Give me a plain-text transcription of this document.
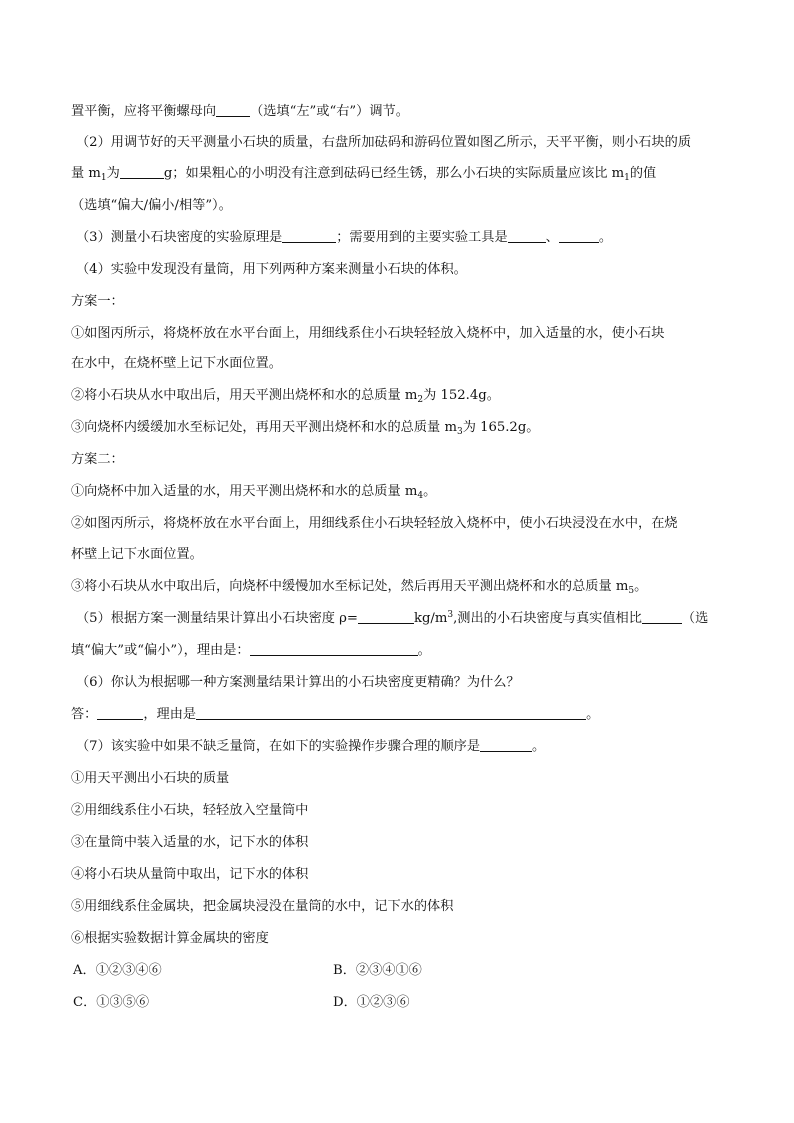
置平衡，应将平衡螺母向	（选填“左”或“右”）调节。
（2）用调节好的天平测量小石块的质量，右盘所加砝码和游码位置如图乙所示，天平平衡，则小石块的质
量 $m_1$为	g；如果粗心的小明没有注意到砝码已经生锈，那么小石块的实际质量应该比 $m_1$的值
（选填“偏大/偏小/相等”）。
（3）测量小石块密度的实验原理是	；需要用到的主要实验工具是	、	。
（4）实验中发现没有量筒，用下列两种方案来测量小石块的体积。
方案一：
①如图丙所示，将烧杯放在水平台面上，用细线系住小石块轻轻放入烧杯中，加入适量的水，使小石块
在水中，在烧杯壁上记下水面位置。
②将小石块从水中取出后，用天平测出烧杯和水的总质量 $m_2$为 152.4g。
③向烧杯内缓缓加水至标记处，再用天平测出烧杯和水的总质量 $m_3$为 165.2g。
方案二：
①向烧杯中加入适量的水，用天平测出烧杯和水的总质量 $m_4$。
②如图丙所示，将烧杯放在水平台面上，用细线系住小石块轻轻放入烧杯中，使小石块浸没在水中，在烧
杯壁上记下水面位置。
③将小石块从水中取出后，向烧杯中缓慢加水至标记处，然后再用天平测出烧杯和水的总质量 $m_5$。
（5）根据方案一测量结果计算出小石块密度 ρ=	$kg/m^3$,测出的小石块密度与真实值相比	（选
填“偏大”或“偏小”），理由是：	。
（6）你认为根据哪一种方案测量结果计算出的小石块密度更精确？为什么？
答：	，理由是	。
（7）该实验中如果不缺乏量筒，在如下的实验操作步骤合理的顺序是	。
①用天平测出小石块的质量
②用细线系住小石块，轻轻放入空量筒中
③在量筒中装入适量的水，记下水的体积
④将小石块从量筒中取出，记下水的体积
⑤用细线系住金属块，把金属块浸没在量筒的水中，记下水的体积
⑥根据实验数据计算金属块的密度
A．①②③④⑥	B．②③④①⑥
C．①③⑤⑥	D．①②③⑥
